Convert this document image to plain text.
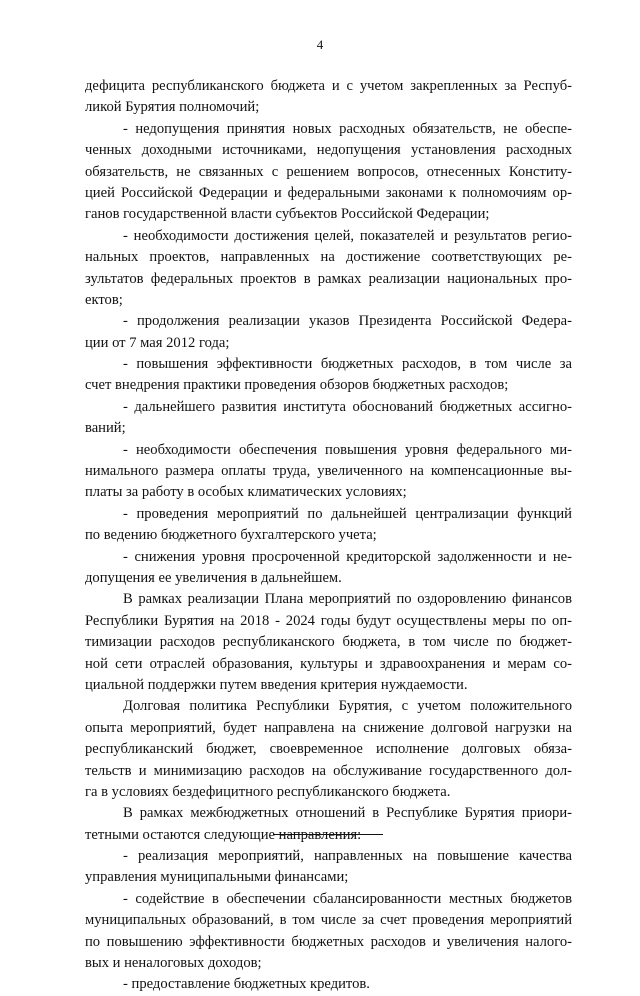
4
дефицита республиканского бюджета и с учетом закрепленных за Респуб-
ликой Бурятия полномочий;
- недопущения принятия новых расходных обязательств, не обеспе-
ченных доходными источниками, недопущения установления расходных
обязательств, не связанных с решением вопросов, отнесенных Конститу-
цией Российской Федерации и федеральными законами к полномочиям ор-
ганов государственной власти субъектов Российской Федерации;
- необходимости достижения целей, показателей и результатов регио-
нальных проектов, направленных на достижение соответствующих ре-
зультатов федеральных проектов в рамках реализации национальных про-
ектов;
- продолжения реализации указов Президента Российской Федера-
ции от 7 мая 2012 года;
- повышения эффективности бюджетных расходов, в том числе за
счет внедрения практики проведения обзоров бюджетных расходов;
- дальнейшего развития института обоснований бюджетных ассигно-
ваний;
- необходимости обеспечения повышения уровня федерального ми-
нимального размера оплаты труда, увеличенного на компенсационные вы-
платы за работу в особых климатических условиях;
- проведения мероприятий по дальнейшей централизации функций
по ведению бюджетного бухгалтерского учета;
- снижения уровня просроченной кредиторской задолженности и не-
допущения ее увеличения в дальнейшем.
В рамках реализации Плана мероприятий по оздоровлению финансов
Республики Бурятия на 2018 - 2024 годы будут осуществлены меры по оп-
тимизации расходов республиканского бюджета, в том числе по бюджет-
ной сети отраслей образования, культуры и здравоохранения и мерам со-
циальной поддержки путем введения критерия нуждаемости.
Долговая политика Республики Бурятия, с учетом положительного
опыта мероприятий, будет направлена на снижение долговой нагрузки на
республиканский бюджет, своевременное исполнение долговых обяза-
тельств и минимизацию расходов на обслуживание государственного дол-
га в условиях бездефицитного республиканского бюджета.
В рамках межбюджетных отношений в Республике Бурятия приори-
тетными остаются следующие направления:
- реализация мероприятий, направленных на повышение качества
управления муниципальными финансами;
- содействие в обеспечении сбалансированности местных бюджетов
муниципальных образований, в том числе за счет проведения мероприятий
по повышению эффективности бюджетных расходов и увеличения налого-
вых и неналоговых доходов;
- предоставление бюджетных кредитов.
